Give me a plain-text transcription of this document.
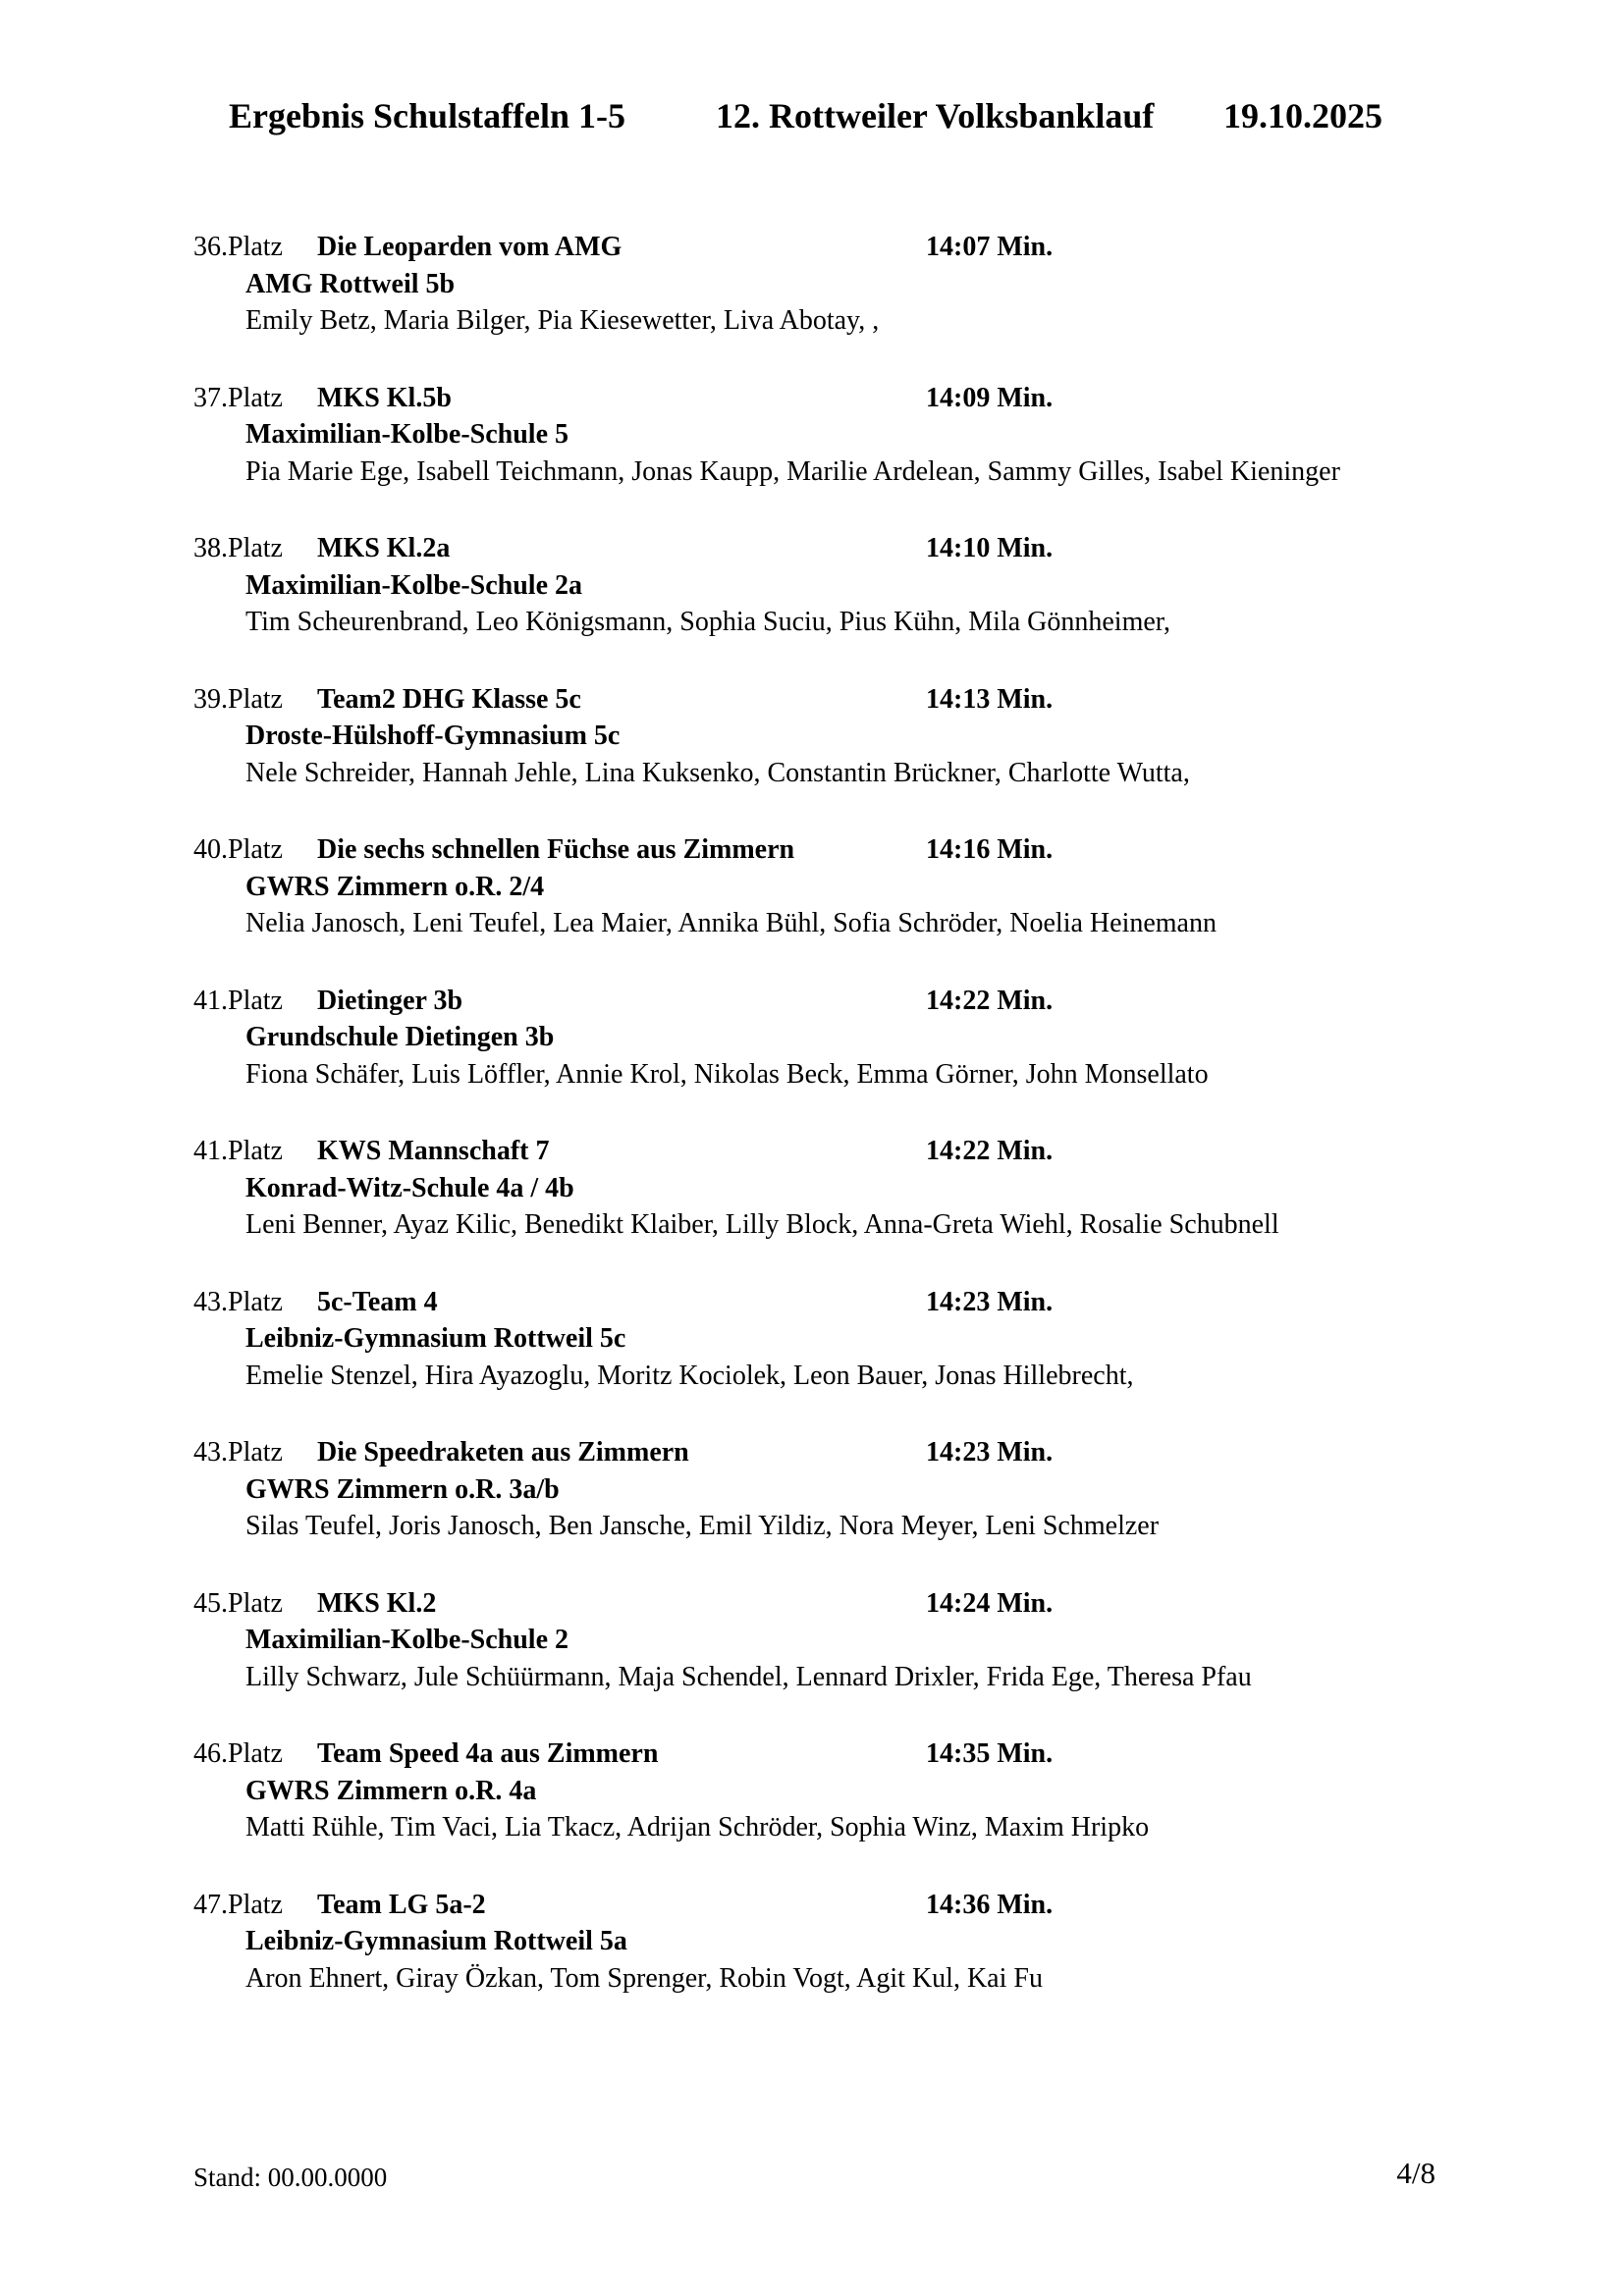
Ergebnis Schulstaffeln 1-5	12. Rottweiler Volksbanklauf 19.10.2025
36.Platz Die Leoparden vom AMG	14:07 Min.
AMG Rottweil 5b
Emily Betz, Maria Bilger, Pia Kiesewetter, Liva Abotay, ,
37.Platz MKS Kl.5b	14:09 Min.
Maximilian-Kolbe-Schule 5
Pia Marie Ege, Isabell Teichmann, Jonas Kaupp, Marilie Ardelean, Sammy Gilles, Isabel Kieninger
38.Platz MKS Kl.2a	14:10 Min.
Maximilian-Kolbe-Schule 2a
Tim Scheurenbrand, Leo Königsmann, Sophia Suciu, Pius Kühn, Mila Gönnheimer,
39.Platz Team2 DHG Klasse 5c	14:13 Min.
Droste-Hülshoff-Gymnasium 5c
Nele Schreider, Hannah Jehle, Lina Kuksenko, Constantin Brückner, Charlotte Wutta,
40.Platz Die sechs schnellen Füchse aus Zimmern	14:16 Min.
GWRS Zimmern o.R. 2/4
Nelia Janosch, Leni Teufel, Lea Maier, Annika Bühl, Sofia Schröder, Noelia Heinemann
41.Platz Dietinger 3b	14:22 Min.
Grundschule Dietingen 3b
Fiona Schäfer, Luis Löffler, Annie Krol, Nikolas Beck, Emma Görner, John Monsellato
41.Platz KWS Mannschaft 7	14:22 Min.
Konrad-Witz-Schule 4a / 4b
Leni Benner, Ayaz Kilic, Benedikt Klaiber, Lilly Block, Anna-Greta Wiehl, Rosalie Schubnell
43.Platz 5c-Team 4	14:23 Min.
Leibniz-Gymnasium Rottweil 5c
Emelie Stenzel, Hira Ayazoglu, Moritz Kociolek, Leon Bauer, Jonas Hillebrecht,
43.Platz Die Speedraketen aus Zimmern	14:23 Min.
GWRS Zimmern o.R. 3a/b
Silas Teufel, Joris Janosch, Ben Jansche, Emil Yildiz, Nora Meyer, Leni Schmelzer
45.Platz MKS Kl.2	14:24 Min.
Maximilian-Kolbe-Schule 2
Lilly Schwarz, Jule Schüürmann, Maja Schendel, Lennard Drixler, Frida Ege, Theresa Pfau
46.Platz Team Speed 4a aus Zimmern	14:35 Min.
GWRS Zimmern o.R. 4a
Matti Rühle, Tim Vaci, Lia Tkacz, Adrijan Schröder, Sophia Winz, Maxim Hripko
47.Platz Team LG 5a-2	14:36 Min.
Leibniz-Gymnasium Rottweil 5a
Aron Ehnert, Giray Özkan, Tom Sprenger, Robin Vogt, Agit Kul, Kai Fu
Stand: 00.00.0000	4/8
